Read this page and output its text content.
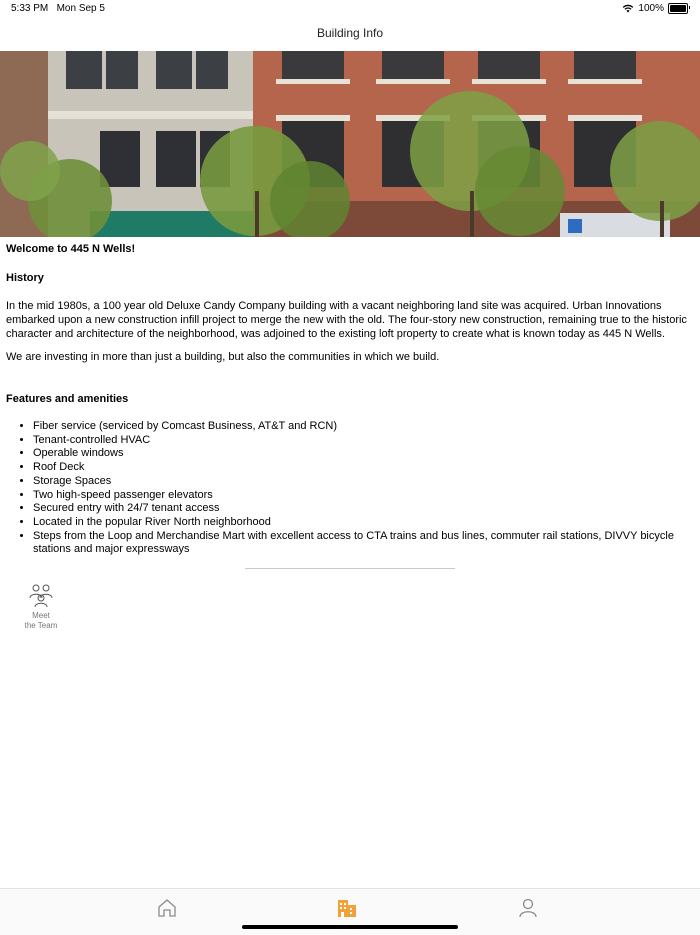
5:33 PM Mon Sep 5	100%
Building Info

Welcome to 445 N Wells!

History

In the mid 1980s, a 100 year old Deluxe Candy Company building with a vacant neighboring land site was acquired. Urban Innovations embarked upon a new construction infill project to merge the new with the old. The four-story new construction, remaining true to the historic character and architecture of the neighborhood, was adjoined to the existing loft property to create what is known today as 445 N Wells.

We are investing in more than just a building, but also the communities in which we build.

Features and amenities

• Fiber service (serviced by Comcast Business, AT&T and RCN)
• Tenant-controlled HVAC
• Operable windows
• Roof Deck
• Storage Spaces
• Two high-speed passenger elevators
• Secured entry with 24/7 tenant access
• Located in the popular River North neighborhood
• Steps from the Loop and Merchandise Mart with excellent access to CTA trains and bus lines, commuter rail stations, DIVVY bicycle stations and major expressways
Meet
the Team
